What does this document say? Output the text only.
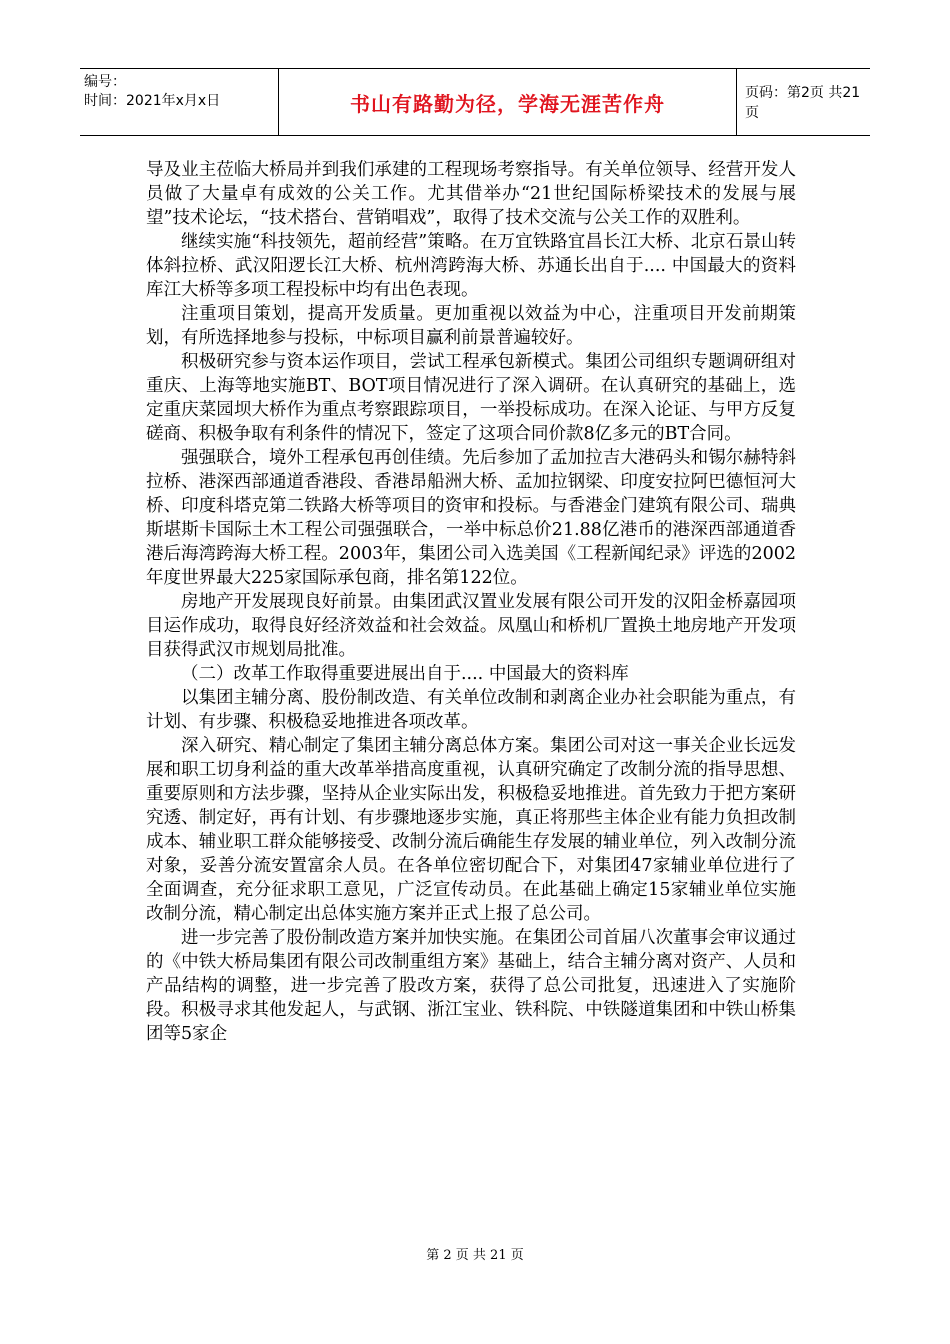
编号：
时间：2021年x月x日	书山有路勤为径，学海无涯苦作舟	页码：第2页 共21页

导及业主莅临大桥局并到我们承建的工程现场考察指导。有关单位领导、经营开发人员做了大量卓有成效的公关工作。尤其借举办“21世纪国际桥梁技术的发展与展望”技术论坛，“技术搭台、营销唱戏”，取得了技术交流与公关工作的双胜利。

继续实施“科技领先，超前经营”策略。在万宜铁路宜昌长江大桥、北京石景山转体斜拉桥、武汉阳逻长江大桥、杭州湾跨海大桥、苏通长出自于.... 中国最大的资料库江大桥等多项工程投标中均有出色表现。

注重项目策划，提高开发质量。更加重视以效益为中心，注重项目开发前期策划，有所选择地参与投标，中标项目赢利前景普遍较好。

积极研究参与资本运作项目，尝试工程承包新模式。集团公司组织专题调研组对重庆、上海等地实施BT、BOT项目情况进行了深入调研。在认真研究的基础上，选定重庆菜园坝大桥作为重点考察跟踪项目，一举投标成功。在深入论证、与甲方反复磋商、积极争取有利条件的情况下，签定了这项合同价款8亿多元的BT合同。

强强联合，境外工程承包再创佳绩。先后参加了孟加拉吉大港码头和锡尔赫特斜拉桥、港深西部通道香港段、香港昂船洲大桥、孟加拉钢梁、印度安拉阿巴德恒河大桥、印度科塔克第二铁路大桥等项目的资审和投标。与香港金门建筑有限公司、瑞典斯堪斯卡国际土木工程公司强强联合，一举中标总价21.88亿港币的港深西部通道香港后海湾跨海大桥工程。2003年，集团公司入选美国《工程新闻纪录》评选的2002年度世界最大225家国际承包商，排名第122位。

房地产开发展现良好前景。由集团武汉置业发展有限公司开发的汉阳金桥嘉园项目运作成功，取得良好经济效益和社会效益。凤凰山和桥机厂置换土地房地产开发项目获得武汉市规划局批准。

（二）改革工作取得重要进展出自于.... 中国最大的资料库

以集团主辅分离、股份制改造、有关单位改制和剥离企业办社会职能为重点，有计划、有步骤、积极稳妥地推进各项改革。

深入研究、精心制定了集团主辅分离总体方案。集团公司对这一事关企业长远发展和职工切身利益的重大改革举措高度重视，认真研究确定了改制分流的指导思想、重要原则和方法步骤，坚持从企业实际出发，积极稳妥地推进。首先致力于把方案研究透、制定好，再有计划、有步骤地逐步实施，真正将那些主体企业有能力负担改制成本、辅业职工群众能够接受、改制分流后确能生存发展的辅业单位，列入改制分流对象，妥善分流安置富余人员。在各单位密切配合下，对集团47家辅业单位进行了全面调查，充分征求职工意见，广泛宣传动员。在此基础上确定15家辅业单位实施改制分流，精心制定出总体实施方案并正式上报了总公司。

进一步完善了股份制改造方案并加快实施。在集团公司首届八次董事会审议通过的《中铁大桥局集团有限公司改制重组方案》基础上，结合主辅分离对资产、人员和产品结构的调整，进一步完善了股改方案，获得了总公司批复，迅速进入了实施阶段。积极寻求其他发起人，与武钢、浙江宝业、铁科院、中铁隧道集团和中铁山桥集团等5家企

第 2 页 共 21 页
